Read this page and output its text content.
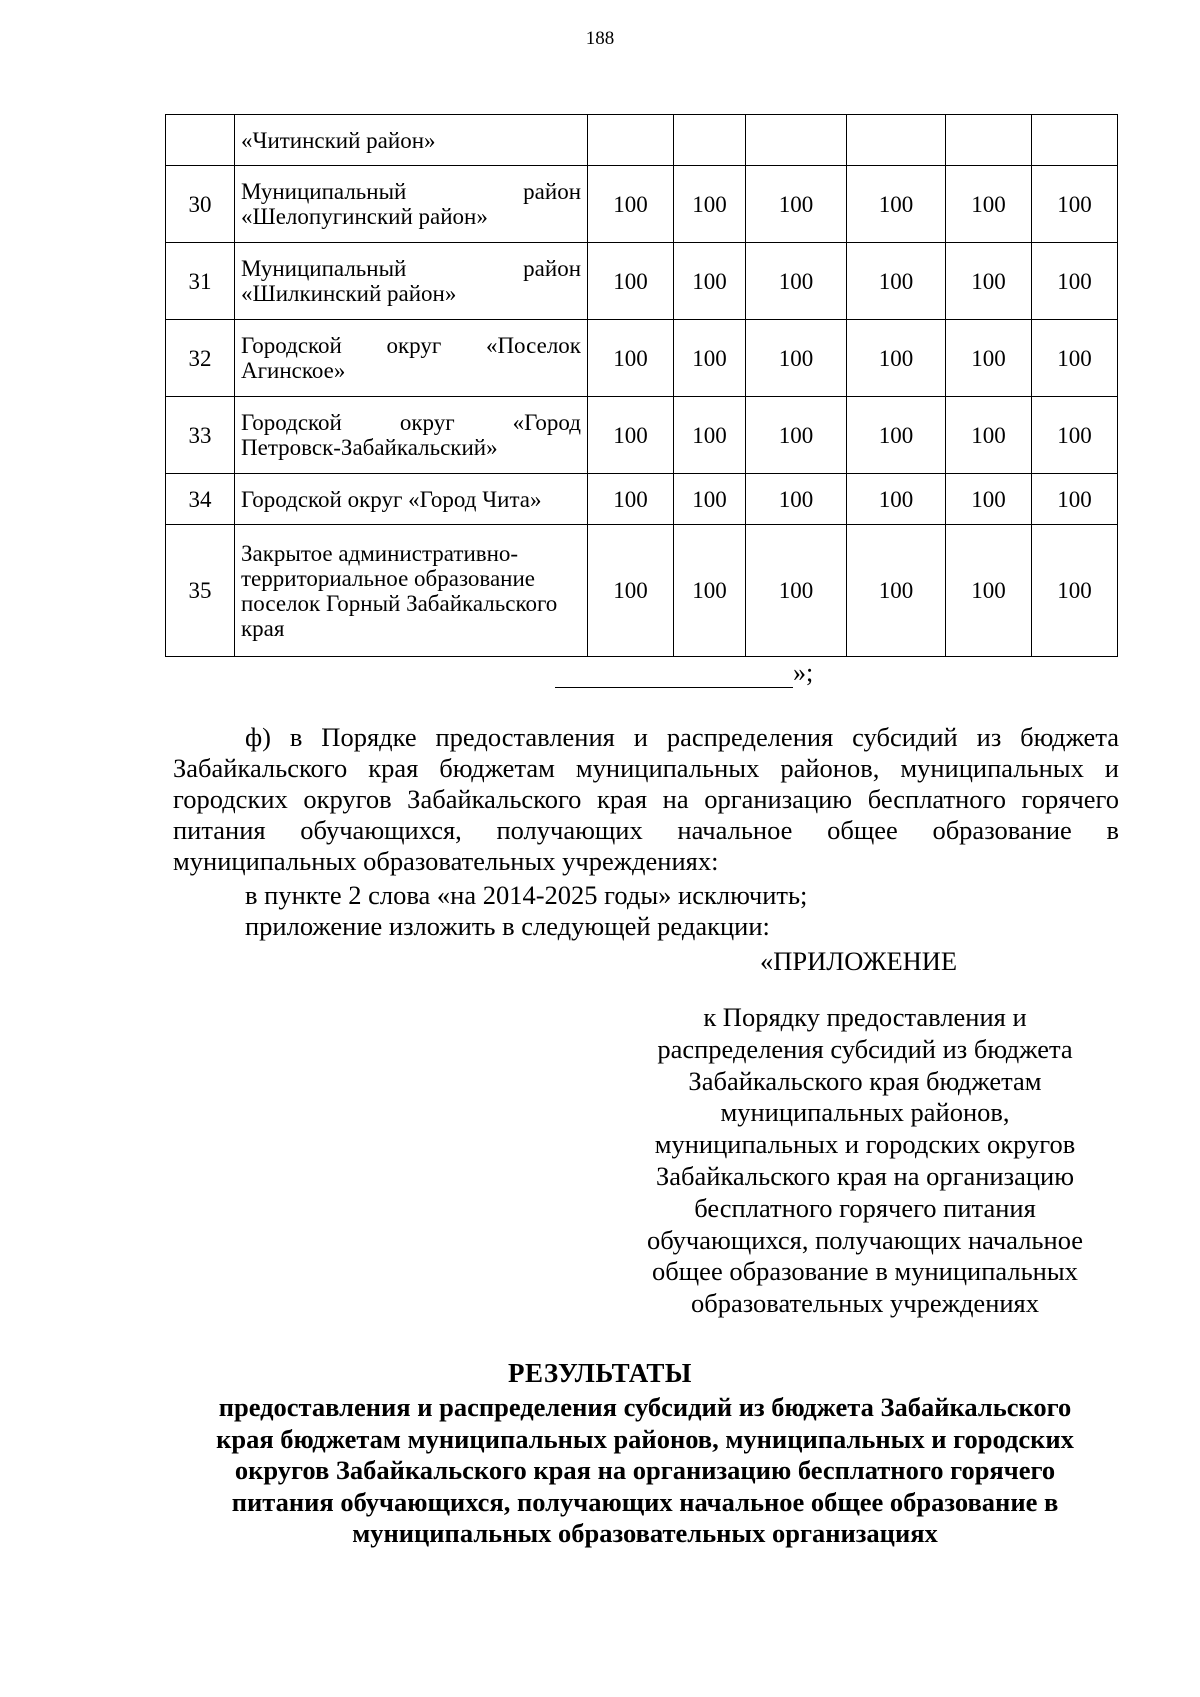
188
	«Читинский район»						
30	Муниципальный район
«Шелопугинский район»	100	100	100	100	100	100
31	Муниципальный район
«Шилкинский район»	100	100	100	100	100	100
32	Городской округ «Поселок
Агинское»	100	100	100	100	100	100
33	Городской округ «Город
Петровск-Забайкальский»	100	100	100	100	100	100
34	Городской округ «Город Чита»	100	100	100	100	100	100
35	Закрытое административно-
территориальное образование
поселок Горный Забайкальского
края	100	100	100	100	100	100
»;
ф) в Порядке предоставления и распределения субсидий из бюджета Забайкальского края бюджетам муниципальных районов, муниципальных и городских округов Забайкальского края на организацию бесплатного горячего питания обучающихся, получающих начальное общее образование в муниципальных образовательных учреждениях:
в пункте 2 слова «на 2014-2025 годы» исключить;
приложение изложить в следующей редакции:
«ПРИЛОЖЕНИЕ
к Порядку предоставления и
распределения субсидий из бюджета
Забайкальского края бюджетам
муниципальных районов,
муниципальных и городских округов
Забайкальского края на организацию
бесплатного горячего питания
обучающихся, получающих начальное
общее образование в муниципальных
образовательных учреждениях
РЕЗУЛЬТАТЫ
предоставления и распределения субсидий из бюджета Забайкальского
края бюджетам муниципальных районов, муниципальных и городских
округов Забайкальского края на организацию бесплатного горячего
питания обучающихся, получающих начальное общее образование в
муниципальных образовательных организациях
